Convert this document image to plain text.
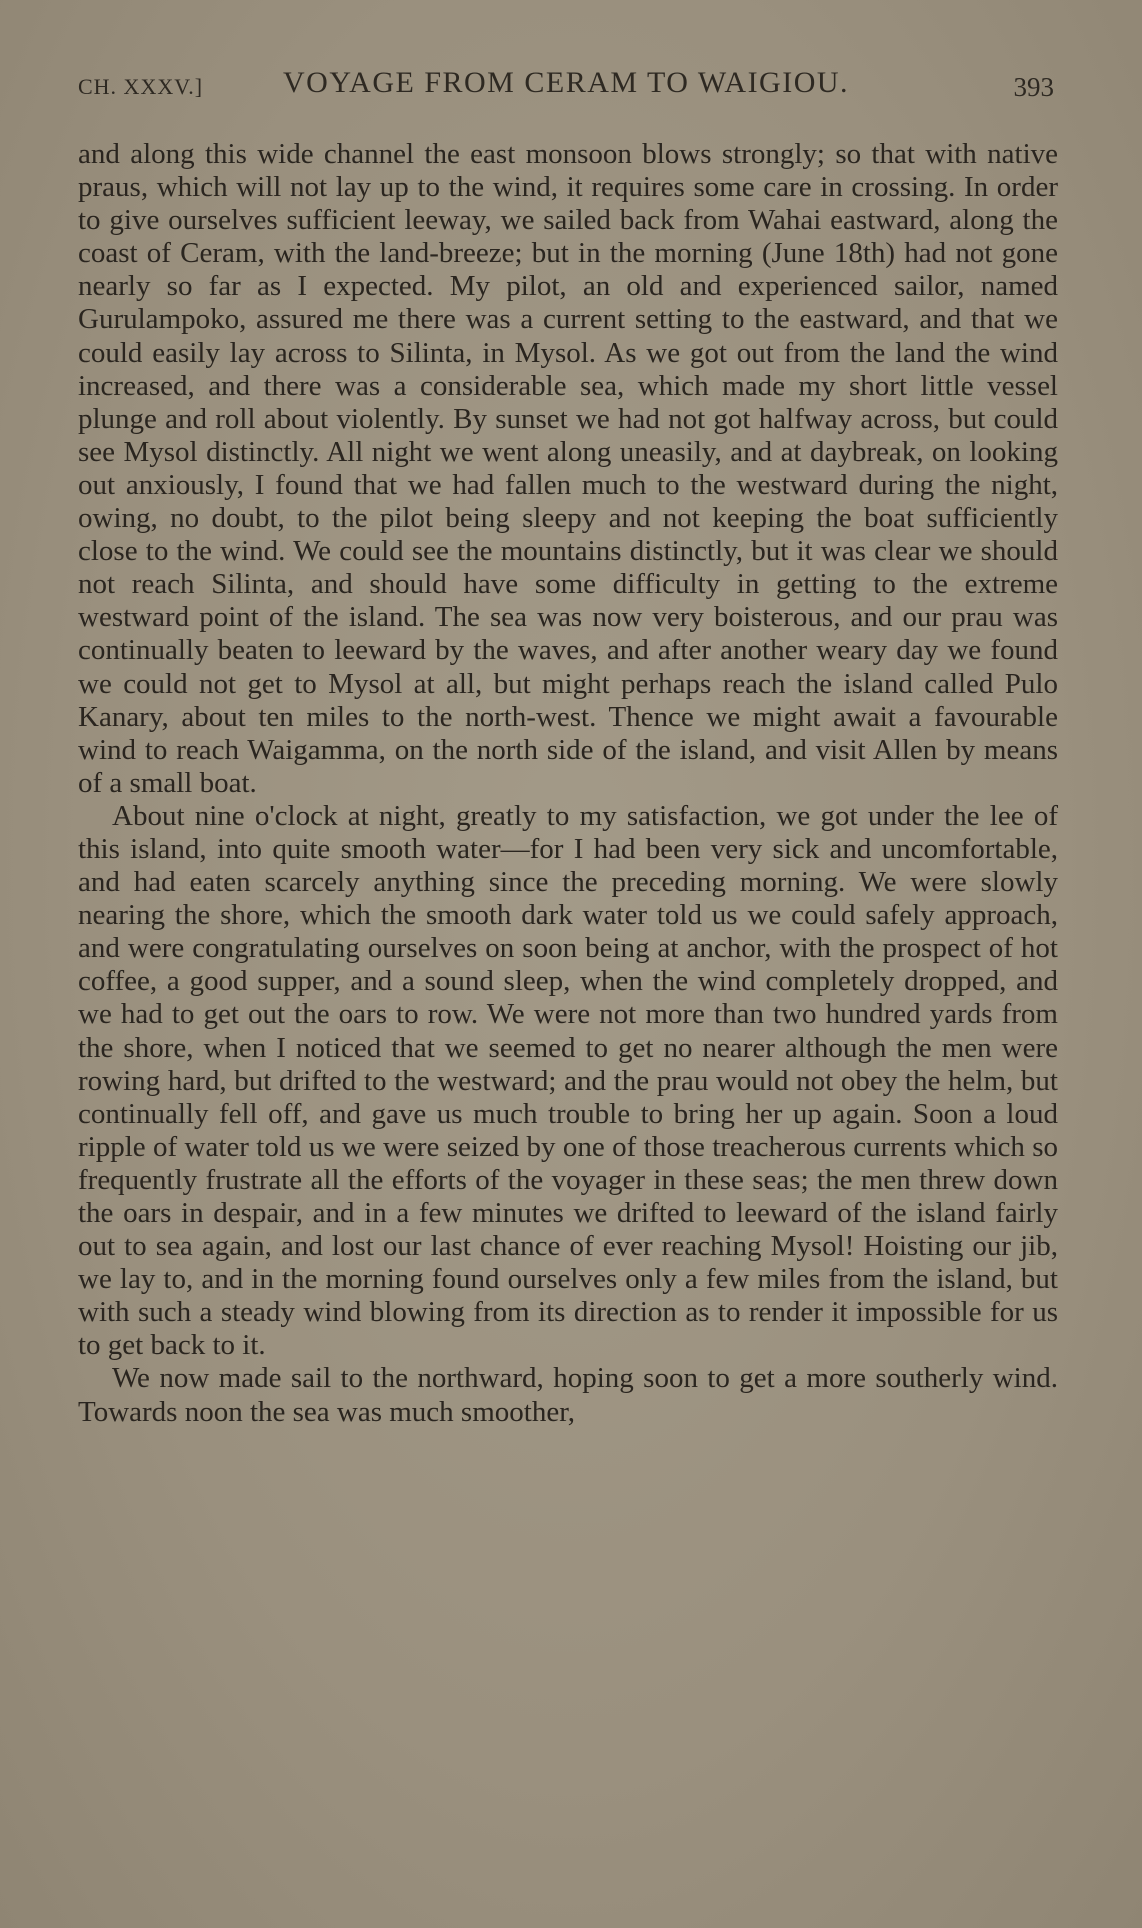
CH. XXXV.]	VOYAGE FROM CERAM TO WAIGIOU.	393

and along this wide channel the east monsoon blows strongly; so that with native praus, which will not lay up to the wind, it requires some care in crossing. In order to give ourselves sufficient leeway, we sailed back from Wahai eastward, along the coast of Ceram, with the land-breeze; but in the morning (June 18th) had not gone nearly so far as I expected. My pilot, an old and experienced sailor, named Gurulampoko, assured me there was a current setting to the eastward, and that we could easily lay across to Silinta, in Mysol. As we got out from the land the wind increased, and there was a considerable sea, which made my short little vessel plunge and roll about violently. By sunset we had not got halfway across, but could see Mysol distinctly. All night we went along uneasily, and at daybreak, on looking out anxiously, I found that we had fallen much to the westward during the night, owing, no doubt, to the pilot being sleepy and not keeping the boat sufficiently close to the wind. We could see the mountains distinctly, but it was clear we should not reach Silinta, and should have some difficulty in getting to the extreme westward point of the island. The sea was now very boisterous, and our prau was continually beaten to leeward by the waves, and after another weary day we found we could not get to Mysol at all, but might perhaps reach the island called Pulo Kanary, about ten miles to the north-west. Thence we might await a favourable wind to reach Waigamma, on the north side of the island, and visit Allen by means of a small boat.

About nine o'clock at night, greatly to my satisfaction, we got under the lee of this island, into quite smooth water—for I had been very sick and uncomfortable, and had eaten scarcely anything since the preceding morning. We were slowly nearing the shore, which the smooth dark water told us we could safely approach, and were congratulating ourselves on soon being at anchor, with the prospect of hot coffee, a good supper, and a sound sleep, when the wind completely dropped, and we had to get out the oars to row. We were not more than two hundred yards from the shore, when I noticed that we seemed to get no nearer although the men were rowing hard, but drifted to the westward; and the prau would not obey the helm, but continually fell off, and gave us much trouble to bring her up again. Soon a loud ripple of water told us we were seized by one of those treacherous currents which so frequently frustrate all the efforts of the voyager in these seas; the men threw down the oars in despair, and in a few minutes we drifted to leeward of the island fairly out to sea again, and lost our last chance of ever reaching Mysol! Hoisting our jib, we lay to, and in the morning found ourselves only a few miles from the island, but with such a steady wind blowing from its direction as to render it impossible for us to get back to it.

We now made sail to the northward, hoping soon to get a more southerly wind. Towards noon the sea was much smoother,
